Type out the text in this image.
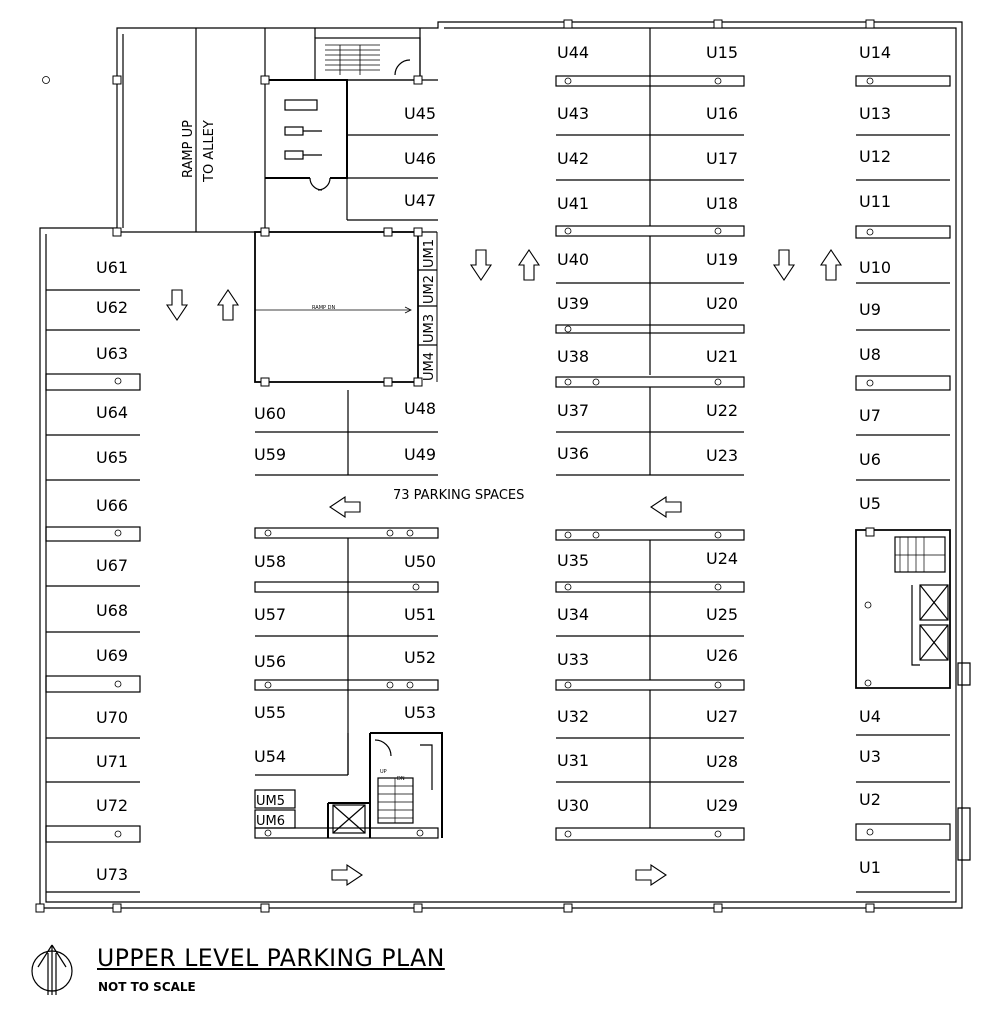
RAMP UP TO ALLEY
RAMP DN
73 PARKING SPACES
UP
DN
U61
U62
U63
U64
U65
U66
U67
U68
U69
U70
U71
U72
U73
U45
U46
U47
UM1
UM2
UM3
UM4
U60
U59
U48
U49
U58
U57
U56
U55
U54
U50
U51
U52
U53
UM5
UM6
U44
U43
U42
U41
U40
U39
U38
U37
U36
U35
U34
U33
U32
U31
U30
U15
U16
U17
U18
U19
U20
U21
U22
U23
U24
U25
U26
U27
U28
U29
U14
U13
U12
U11
U10
U9
U8
U7
U6
U5
U4
U3
U2
U1
UPPER LEVEL PARKING PLAN
NOT TO SCALE
